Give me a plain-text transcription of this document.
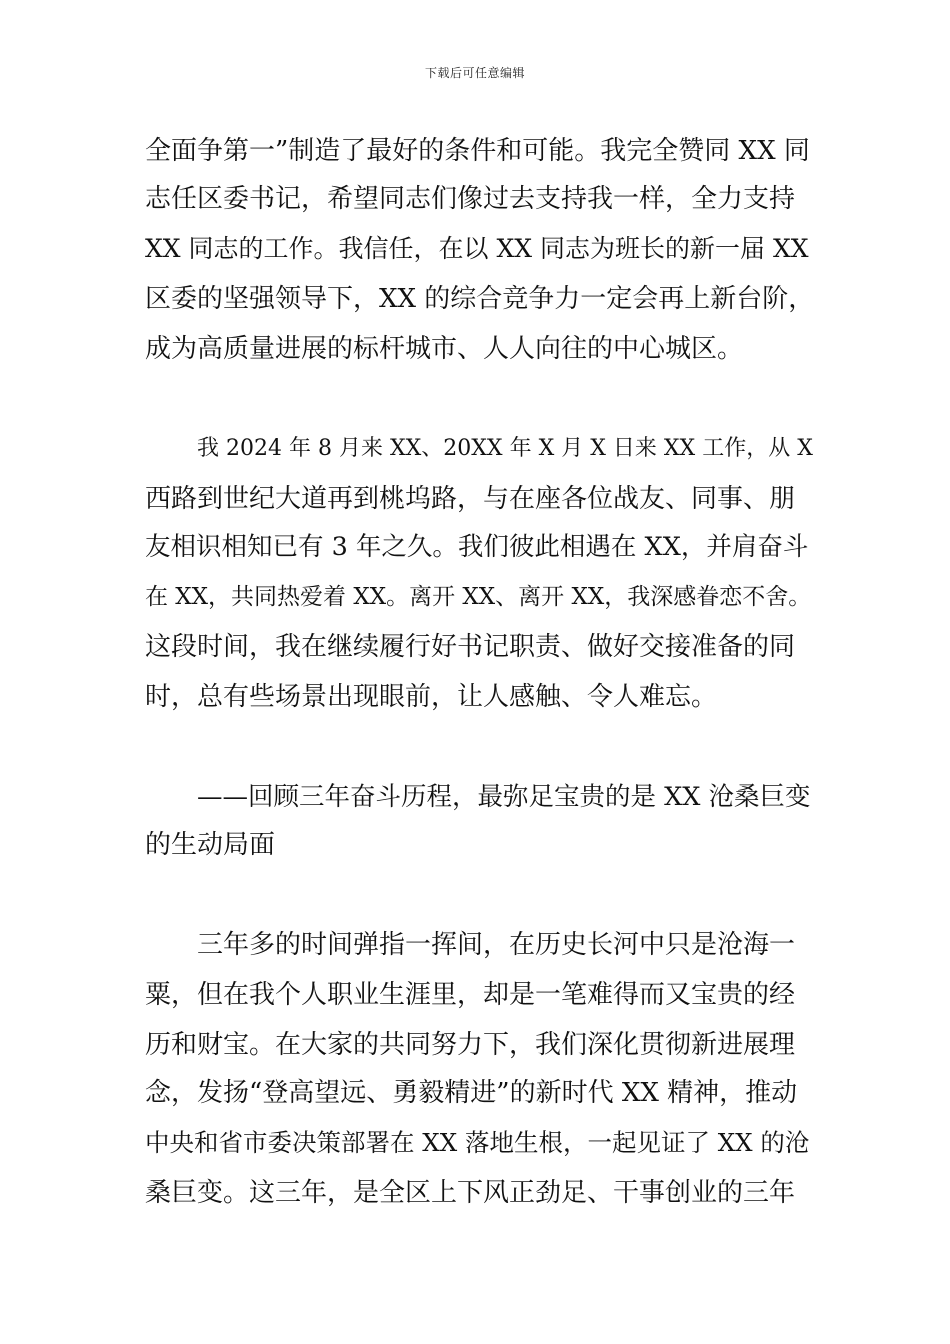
下载后可任意编辑
全面争第一”制造了最好的条件和可能。我完全赞同 XX 同
志任区委书记，希望同志们像过去支持我一样，全力支持
XX 同志的工作。我信任，在以 XX 同志为班长的新一届 XX
区委的坚强领导下，XX 的综合竞争力一定会再上新台阶，
成为高质量进展的标杆城市、人人向往的中心城区。
我 2024 年 8 月来 XX、20XX 年 X 月 X 日来 XX 工作，从 X
西路到世纪大道再到桃坞路，与在座各位战友、同事、朋
友相识相知已有 3 年之久。我们彼此相遇在 XX，并肩奋斗
在 XX，共同热爱着 XX。离开 XX、离开 XX，我深感眷恋不舍。
这段时间，我在继续履行好书记职责、做好交接准备的同
时，总有些场景出现眼前，让人感触、令人难忘。
——回顾三年奋斗历程，最弥足宝贵的是 XX 沧桑巨变
的生动局面
三年多的时间弹指一挥间，在历史长河中只是沧海一
粟，但在我个人职业生涯里，却是一笔难得而又宝贵的经
历和财宝。在大家的共同努力下，我们深化贯彻新进展理
念，发扬“登高望远、勇毅精进”的新时代 XX 精神，推动
中央和省市委决策部署在 XX 落地生根，一起见证了 XX 的沧
桑巨变。这三年，是全区上下风正劲足、干事创业的三年
